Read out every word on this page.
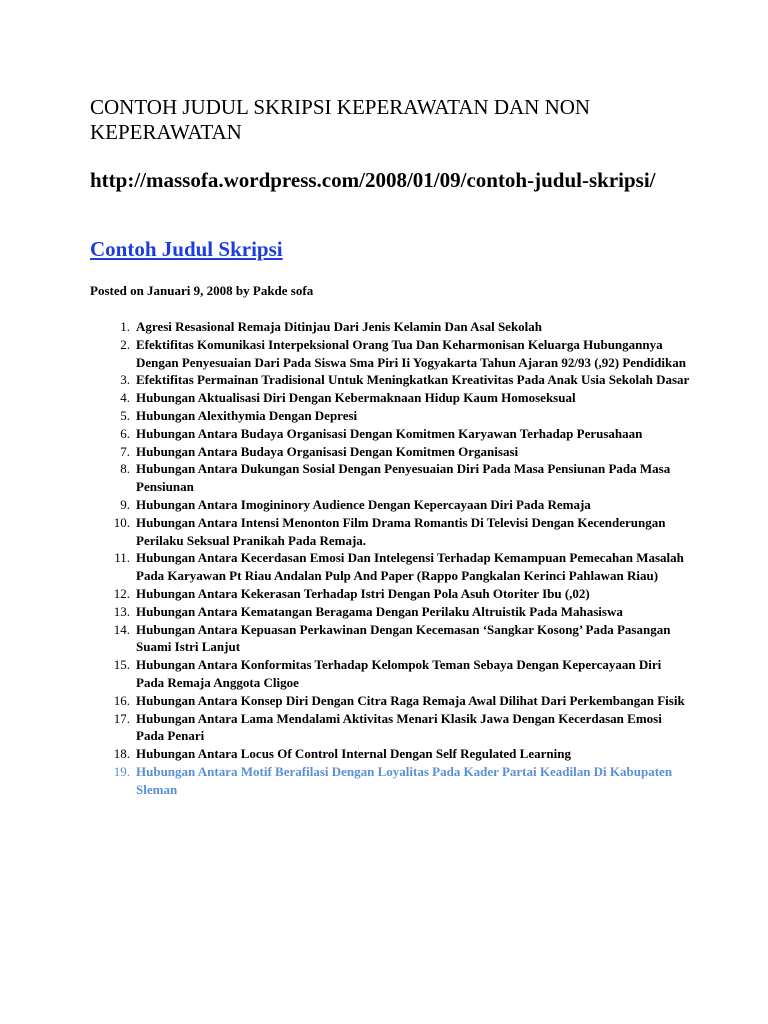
CONTOH JUDUL SKRIPSI KEPERAWATAN DAN NON KEPERAWATAN

http://massofa.wordpress.com/2008/01/09/contoh-judul-skripsi/

Contoh Judul Skripsi

Posted on Januari 9, 2008 by Pakde sofa

1. Agresi Resasional Remaja Ditinjau Dari Jenis Kelamin Dan Asal Sekolah
2. Efektifitas Komunikasi Interpeksional Orang Tua Dan Keharmonisan Keluarga Hubungannya Dengan Penyesuaian Dari Pada Siswa Sma Piri Ii Yogyakarta Tahun Ajaran 92/93 (,92) Pendidikan
3. Efektifitas Permainan Tradisional Untuk Meningkatkan Kreativitas Pada Anak Usia Sekolah Dasar
4. Hubungan Aktualisasi Diri Dengan Kebermaknaan Hidup Kaum Homoseksual
5. Hubungan Alexithymia Dengan Depresi
6. Hubungan Antara Budaya Organisasi Dengan Komitmen Karyawan Terhadap Perusahaan
7. Hubungan Antara Budaya Organisasi Dengan Komitmen Organisasi
8. Hubungan Antara Dukungan Sosial Dengan Penyesuaian Diri Pada Masa Pensiunan Pada Masa Pensiunan
9. Hubungan Antara Imogininory Audience Dengan Kepercayaan Diri Pada Remaja
10. Hubungan Antara Intensi Menonton Film Drama Romantis Di Televisi Dengan Kecenderungan Perilaku Seksual Pranikah Pada Remaja.
11. Hubungan Antara Kecerdasan Emosi Dan Intelegensi Terhadap Kemampuan Pemecahan Masalah Pada Karyawan Pt Riau Andalan Pulp And Paper (Rappo Pangkalan Kerinci Pahlawan Riau)
12. Hubungan Antara Kekerasan Terhadap Istri Dengan Pola Asuh Otoriter Ibu (,02)
13. Hubungan Antara Kematangan Beragama Dengan Perilaku Altruistik Pada Mahasiswa
14. Hubungan Antara Kepuasan Perkawinan Dengan Kecemasan ‘Sangkar Kosong’ Pada Pasangan Suami Istri Lanjut
15. Hubungan Antara Konformitas Terhadap Kelompok Teman Sebaya Dengan Kepercayaan Diri Pada Remaja Anggota Cligoe
16. Hubungan Antara Konsep Diri Dengan Citra Raga Remaja Awal Dilihat Dari Perkembangan Fisik
17. Hubungan Antara Lama Mendalami Aktivitas Menari Klasik Jawa Dengan Kecerdasan Emosi Pada Penari
18. Hubungan Antara Locus Of Control Internal Dengan Self Regulated Learning
19. Hubungan Antara Motif Berafilasi Dengan Loyalitas Pada Kader Partai Keadilan Di Kabupaten Sleman
